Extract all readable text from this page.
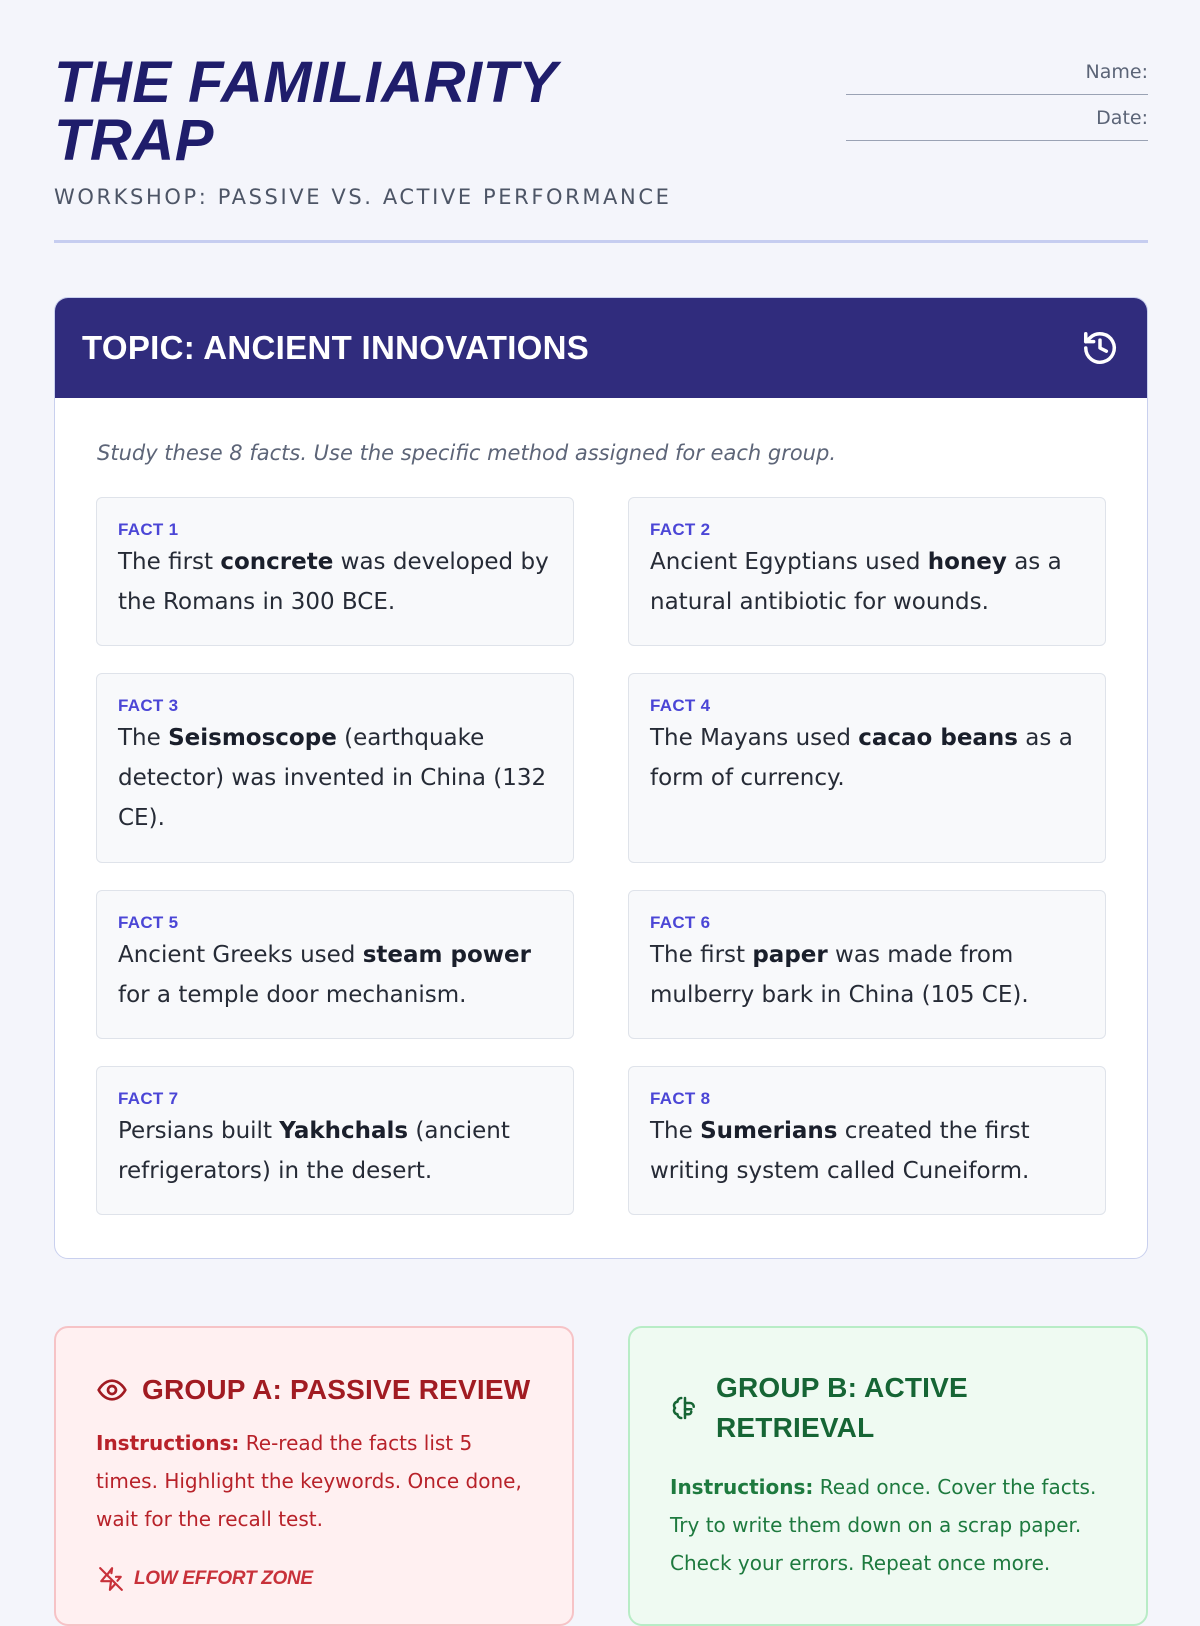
THE FAMILIARITY TRAP
WORKSHOP: PASSIVE VS. ACTIVE PERFORMANCE
Name:
Date:
TOPIC: ANCIENT INNOVATIONS
Study these 8 facts. Use the specific method assigned for each group.
FACT 1
The first concrete was developed by the Romans in 300 BCE.
FACT 2
Ancient Egyptians used honey as a natural antibiotic for wounds.
FACT 3
The Seismoscope (earthquake detector) was invented in China (132 CE).
FACT 4
The Mayans used cacao beans as a form of currency.
FACT 5
Ancient Greeks used steam power for a temple door mechanism.
FACT 6
The first paper was made from mulberry bark in China (105 CE).
FACT 7
Persians built Yakhchals (ancient refrigerators) in the desert.
FACT 8
The Sumerians created the first writing system called Cuneiform.
GROUP A: PASSIVE REVIEW
Instructions: Re-read the facts list 5 times. Highlight the keywords. Once done, wait for the recall test.
LOW EFFORT ZONE
GROUP B: ACTIVE RETRIEVAL
Instructions: Read once. Cover the facts. Try to write them down on a scrap paper. Check your errors. Repeat once more.
